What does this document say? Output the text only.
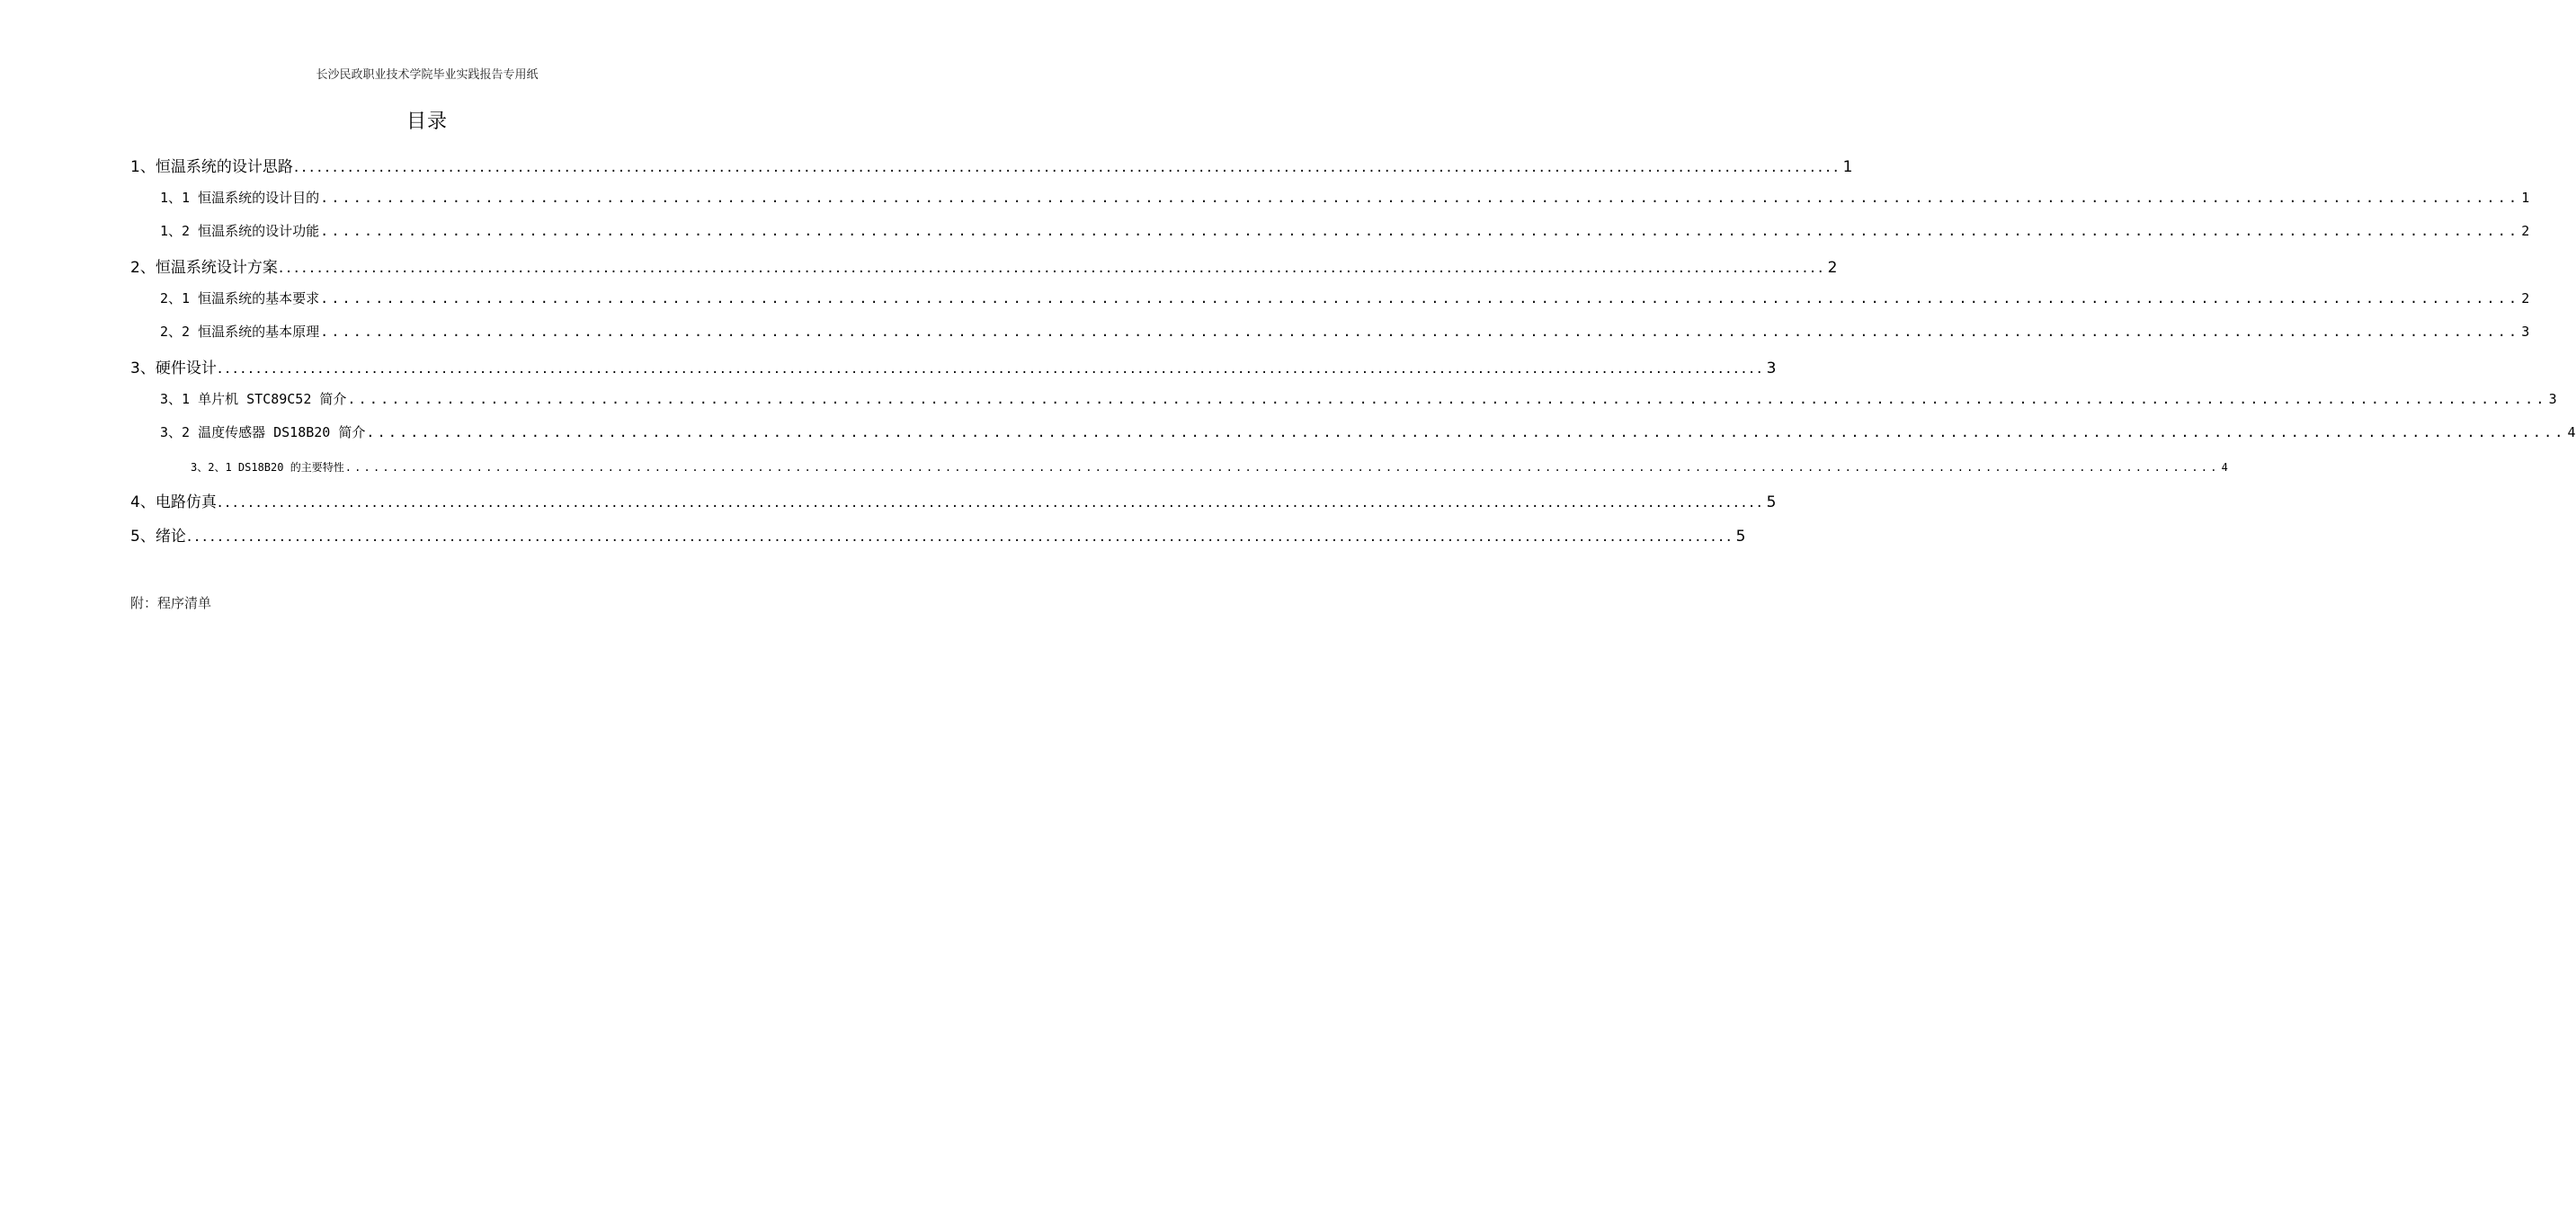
长沙民政职业技术学院毕业实践报告专用纸
目录
1、恒温系统的设计思路 ........................................................................................................................................................................................................ 1
1、1 恒温系统的设计目的 ........................................................................................................................................................................................................ 1
1、2 恒温系统的设计功能 ........................................................................................................................................................................................................ 2
2、恒温系统设计方案 ........................................................................................................................................................................................................ 2
2、1 恒温系统的基本要求 ........................................................................................................................................................................................................ 2
2、2 恒温系统的基本原理 ........................................................................................................................................................................................................ 3
3、硬件设计 ........................................................................................................................................................................................................ 3
3、1 单片机 STC89C52 简介 ........................................................................................................................................................................................................ 3
3、2 温度传感器 DS18B20 简介 ........................................................................................................................................................................................................ 4
3、2、1 DS18B20 的主要特性 ........................................................................................................................................................................................................ 4
4、电路仿真 ........................................................................................................................................................................................................ 5
5、绪论 ........................................................................................................................................................................................................ 5
附：程序清单
